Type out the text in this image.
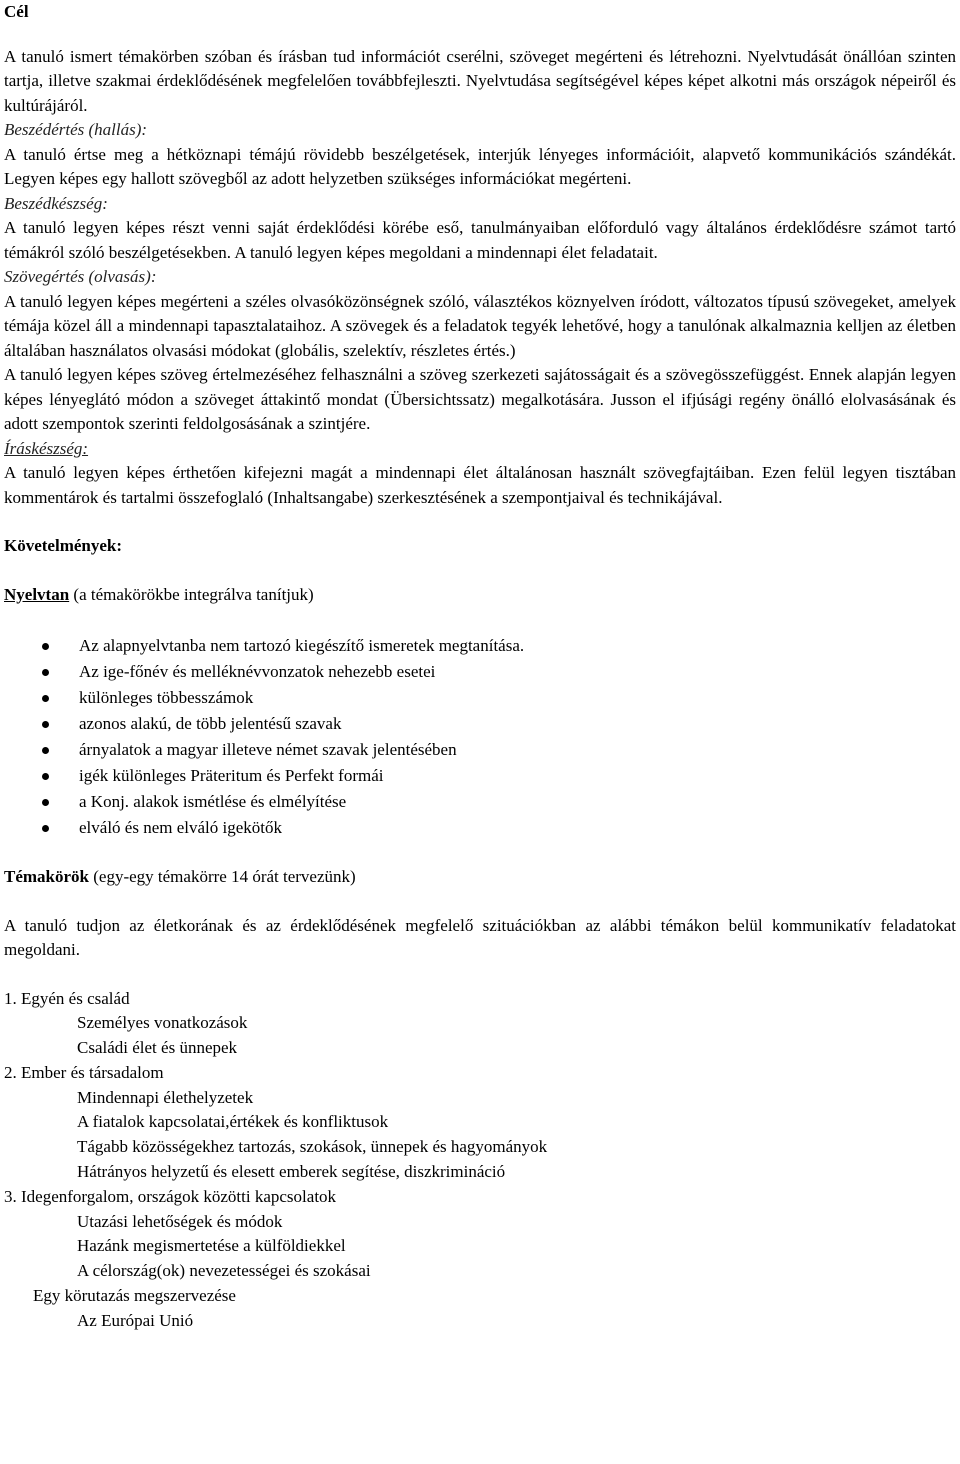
Cél

A tanuló ismert témakörben szóban és írásban tud információt cserélni, szöveget megérteni és létrehozni. Nyelvtudását önállóan szinten tartja, illetve szakmai érdeklődésének megfelelően továbbfejleszti. Nyelvtudása segítségével képes képet alkotni más országok népeiről és kultúrájáról.

Beszédértés (hallás):

A tanuló értse meg a hétköznapi témájú rövidebb beszélgetések, interjúk lényeges információit, alapvető kommunikációs szándékát. Legyen képes egy hallott szövegből az adott helyzetben szükséges információkat megérteni.

Beszédkészség:

A tanuló legyen képes részt venni saját érdeklődési körébe eső, tanulmányaiban előforduló vagy általános érdeklődésre számot tartó témákról szóló beszélgetésekben. A tanuló legyen képes megoldani a mindennapi élet feladatait.

Szövegértés (olvasás):

A tanuló legyen képes megérteni a széles olvasóközönségnek szóló, választékos köznyelven íródott, változatos típusú szövegeket, amelyek témája közel áll a mindennapi tapasztalataihoz. A szövegek és a feladatok tegyék lehetővé, hogy a tanulónak alkalmaznia kelljen az életben általában használatos olvasási módokat (globális, szelektív, részletes értés.)

A tanuló legyen képes szöveg értelmezéséhez felhasználni a szöveg szerkezeti sajátosságait és a szövegösszefüggést. Ennek alapján legyen képes lényeglátó módon a szöveget áttakintő mondat (Übersichtssatz) megalkotására. Jusson el ifjúsági regény önálló elolvasásának és adott szempontok szerinti feldolgosásának a szintjére.

Íráskészség:

A tanuló legyen képes érthetően kifejezni magát a mindennapi élet általánosan használt szövegfajtáiban. Ezen felül legyen tisztában kommentárok és tartalmi összefoglaló (Inhaltsangabe) szerkesztésének a szempontjaival és technikájával.

Követelmények:

Nyelvtan (a témakörökbe integrálva tanítjuk)

Az alapnyelvtanba nem tartozó kiegészítő ismeretek megtanítása.
Az ige-főnév és melléknévvonzatok nehezebb esetei
különleges többesszámok
azonos alakú, de több jelentésű szavak
árnyalatok a magyar illeteve német szavak jelentésében
igék különleges Präteritum és Perfekt formái
a Konj. alakok ismétlése és elmélyítése
elváló és nem elváló igekötők

Témakörök (egy-egy témakörre 14 órát tervezünk)

A tanuló tudjon az életkorának és az érdeklődésének megfelelő szituációkban az alábbi témákon belül kommunikatív feladatokat megoldani.

1. Egyén és család

Személyes vonatkozások

Családi élet és ünnepek

2. Ember és társadalom

Mindennapi élethelyzetek

A fiatalok kapcsolatai,értékek és konfliktusok

Tágabb közösségekhez tartozás, szokások, ünnepek és hagyományok

Hátrányos helyzetű és elesett emberek segítése, diszkrimináció

3. Idegenforgalom, országok közötti kapcsolatok

Utazási lehetőségek és módok

Hazánk megismertetése a külföldiekkel

A célország(ok) nevezetességei és szokásai

Egy körutazás megszervezése

Az Európai Unió
